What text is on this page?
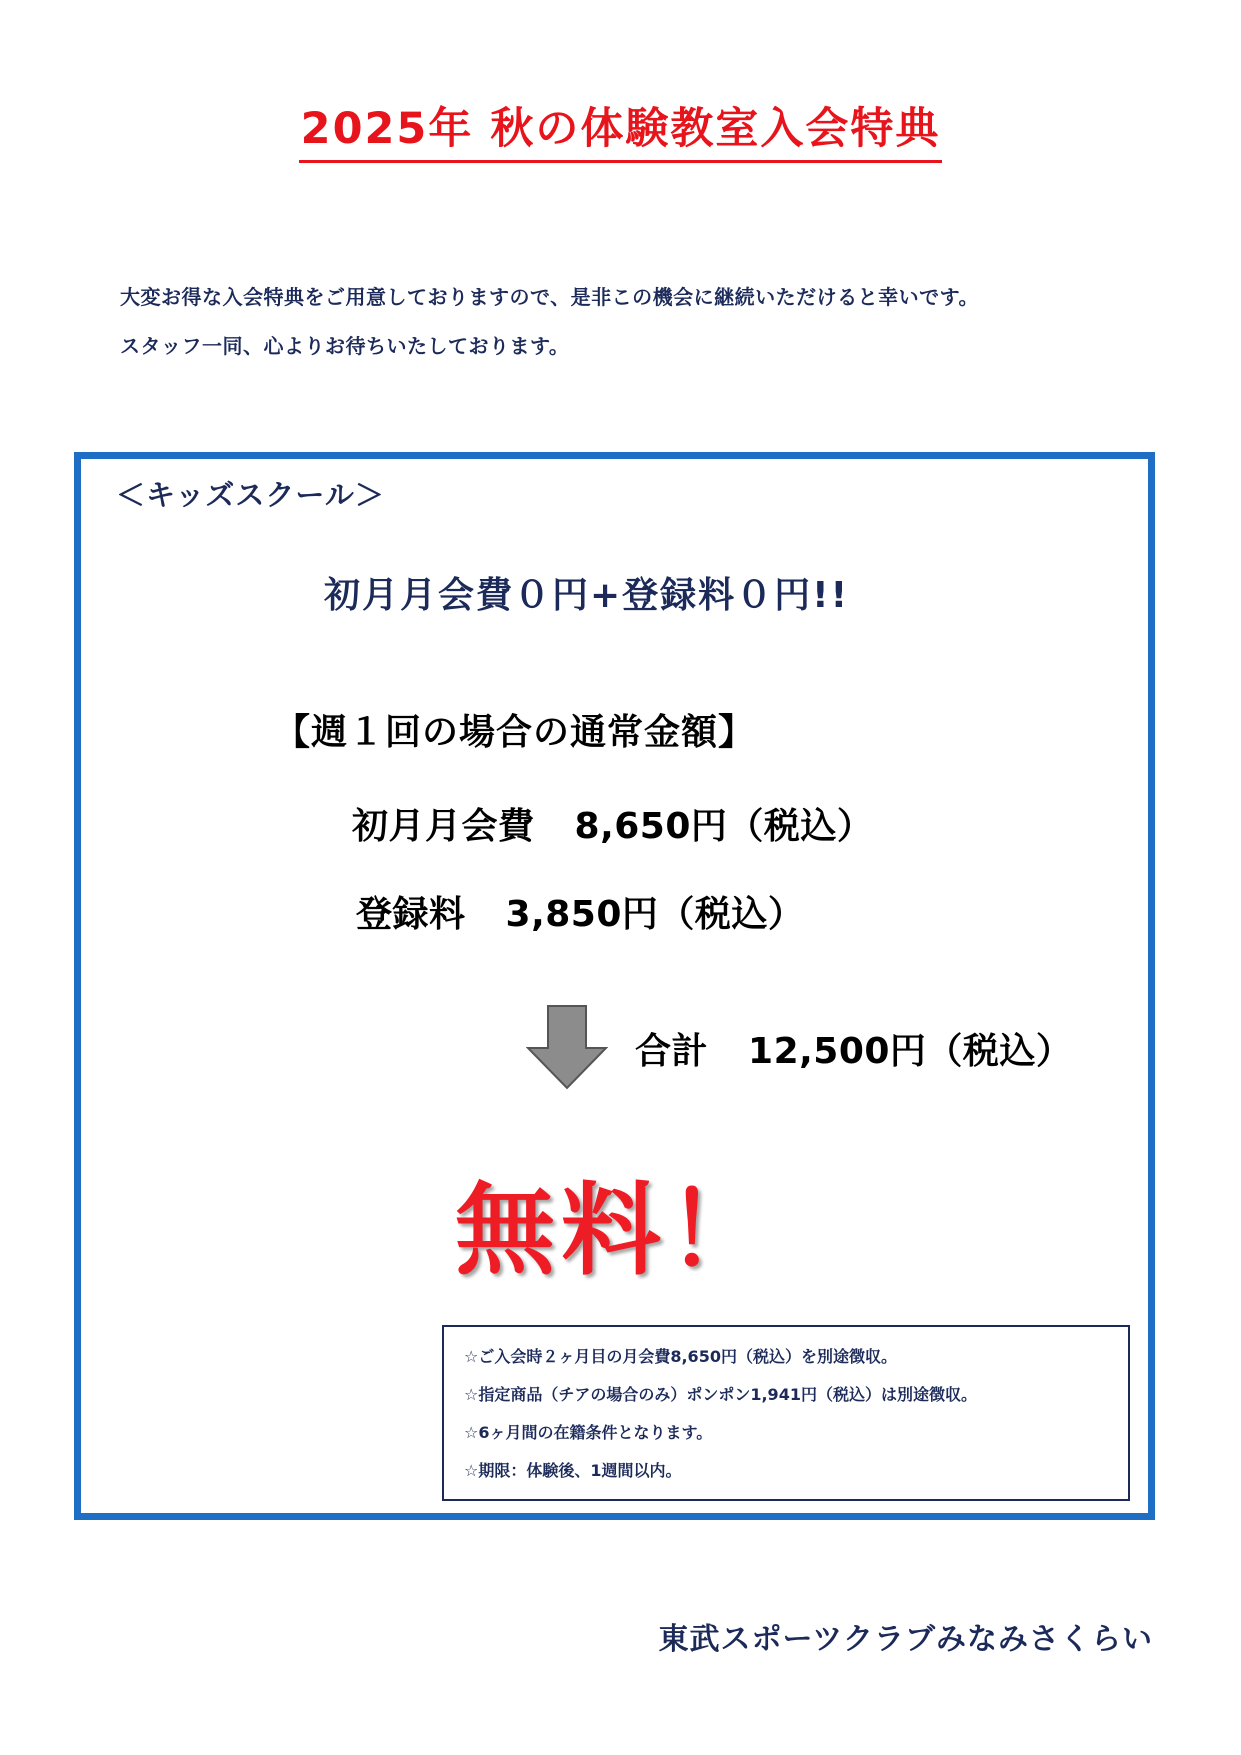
2025年 秋の体験教室入会特典
大変お得な入会特典をご用意しておりますので、是非この機会に継続いただけると幸いです。
スタッフ一同、心よりお待ちいたしております。
＜キッズスクール＞
初月月会費０円+登録料０円!!
【週１回の場合の通常金額】
初月月会費 8,650円（税込）
登録料 3,850円（税込）
合計 12,500円（税込）
無料！
☆ご入会時２ヶ月目の月会費8,650円（税込）を別途徴収。
☆指定商品（チアの場合のみ）ポンポン1,941円（税込）は別途徴収。
☆6ヶ月間の在籍条件となります。
☆期限：体験後、1週間以内。
東武スポーツクラブみなみさくらい
